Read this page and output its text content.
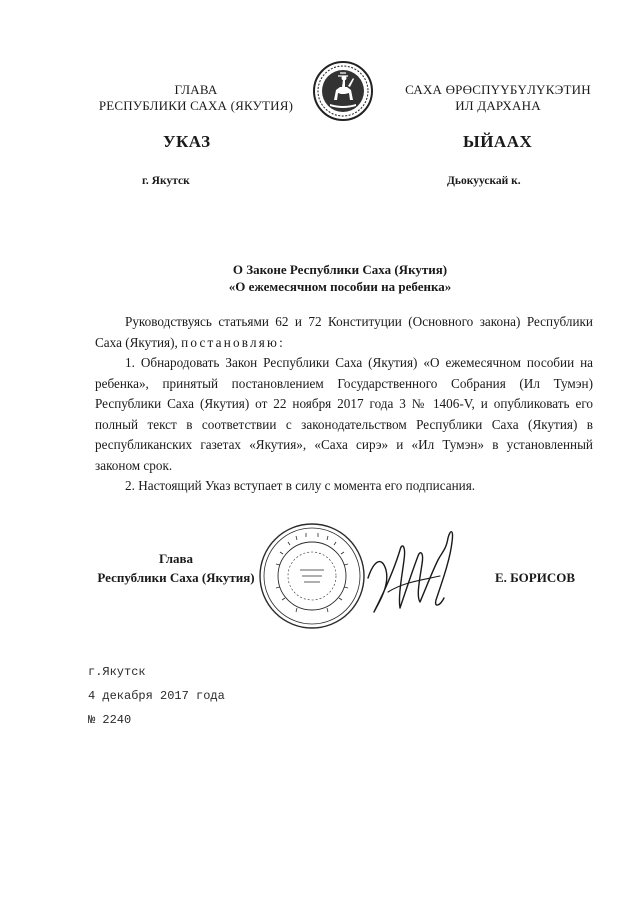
ГЛАВА
РЕСПУБЛИКИ САХА (ЯКУТИЯ)
САХА ӨРӨСПҮҮБҮЛҮКЭТИН
ИЛ ДАРХАНА
УКАЗ	ЫЙААХ
г. Якутск	Дьокуускай к.
О Законе Республики Саха (Якутия)
«О ежемесячном пособии на ребенка»

Руководствуясь статьями 62 и 72 Конституции (Основного закона) Республики Саха (Якутия), постановляю:

1. Обнародовать Закон Республики Саха (Якутия) «О ежемесячном пособии на ребенка», принятый постановлением Государственного Собрания (Ил Тумэн) Республики Саха (Якутия) от 22 ноября 2017 года 3 № 1406-V, и опубликовать его полный текст в соответствии с законодательством Республики Саха (Якутия) в республиканских газетах «Якутия», «Саха сирэ» и «Ил Тумэн» в установленный законом срок.

2. Настоящий Указ вступает в силу с момента его подписания.

Глава
Республики Саха (Якутия)	Е. БОРИСОВ
г.Якутск
4 декабря 2017 года
№ 2240
